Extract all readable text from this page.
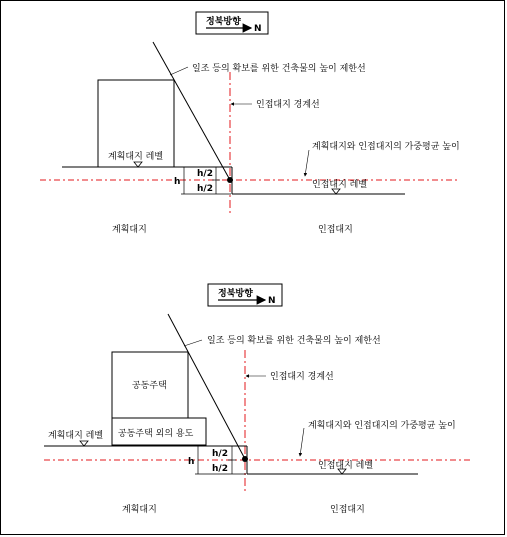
정북방향
N
계획대지 레벨
일조 등의 확보를 위한 건축물의 높이 제한선
인접대지 경계선
계획대지와 인접대지의 가중평균 높이
인접대지 레벨
h
h/2
h/2
계획대지	인접대지
정북방향
N
공동주택
공동주택 외의 용도
계획대지 레벨
일조 등의 확보를 위한 건축물의 높이 제한선
인접대지 경계선
계획대지와 인접대지의 가중평균 높이
인접대지 레벨
h
h/2
h/2
계획대지	인접대지
